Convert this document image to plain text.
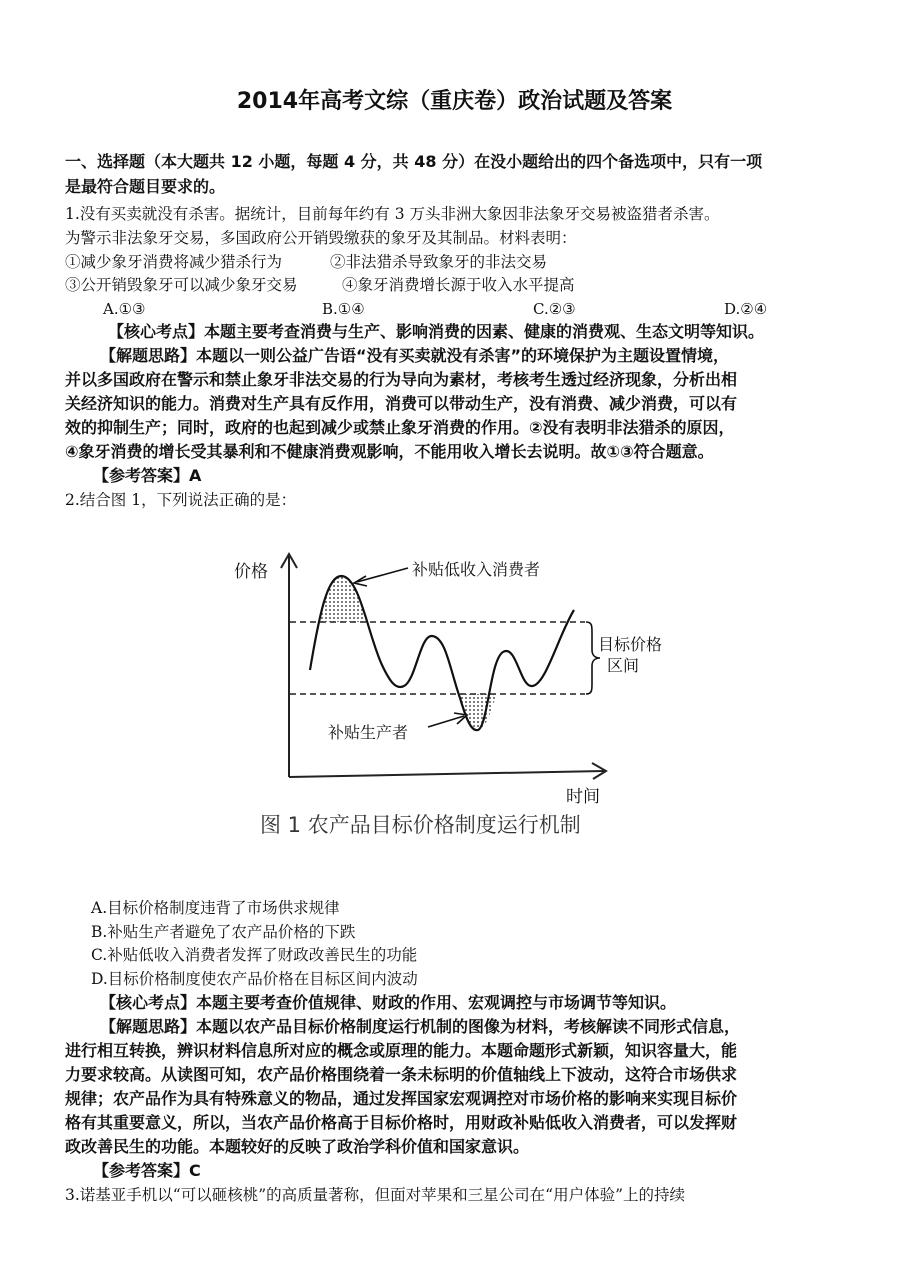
2014年高考文综（重庆卷）政治试题及答案
一、选择题（本大题共 12 小题，每题 4 分，共 48 分）在没小题给出的四个备选项中，只有一项
是最符合题目要求的。
1.没有买卖就没有杀害。据统计，目前每年约有 3 万头非洲大象因非法象牙交易被盗猎者杀害。
为警示非法象牙交易，多国政府公开销毁缴获的象牙及其制品。材料表明：
①减少象牙消费将减少猎杀行为	②非法猎杀导致象牙的非法交易
③公开销毁象牙可以减少象牙交易	④象牙消费增长源于收入水平提高
A.①③	B.①④	C.②③	D.②④
【核心考点】本题主要考查消费与生产、影响消费的因素、健康的消费观、生态文明等知识。
【解题思路】本题以一则公益广告语“没有买卖就没有杀害”的环境保护为主题设置情境，
并以多国政府在警示和禁止象牙非法交易的行为导向为素材，考核考生透过经济现象，分析出相
关经济知识的能力。消费对生产具有反作用，消费可以带动生产，没有消费、减少消费，可以有
效的抑制生产；同时，政府的也起到减少或禁止象牙消费的作用。②没有表明非法猎杀的原因，
④象牙消费的增长受其暴利和不健康消费观影响，不能用收入增长去说明。故①③符合题意。
【参考答案】A
2.结合图 1，下列说法正确的是：
补贴低收入消费者
补贴生产者
目标价格
区间
价格
时间
图 1 农产品目标价格制度运行机制
A.目标价格制度违背了市场供求规律
B.补贴生产者避免了农产品价格的下跌
C.补贴低收入消费者发挥了财政改善民生的功能
D.目标价格制度使农产品价格在目标区间内波动
【核心考点】本题主要考查价值规律、财政的作用、宏观调控与市场调节等知识。
【解题思路】本题以农产品目标价格制度运行机制的图像为材料，考核解读不同形式信息，
进行相互转换，辨识材料信息所对应的概念或原理的能力。本题命题形式新颖，知识容量大，能
力要求较高。从读图可知，农产品价格围绕着一条未标明的价值轴线上下波动，这符合市场供求
规律；农产品作为具有特殊意义的物品，通过发挥国家宏观调控对市场价格的影响来实现目标价
格有其重要意义，所以，当农产品价格高于目标价格时，用财政补贴低收入消费者，可以发挥财
政改善民生的功能。本题较好的反映了政治学科价值和国家意识。
【参考答案】C
3.诺基亚手机以“可以砸核桃”的高质量著称，但面对苹果和三星公司在“用户体验”上的持续
